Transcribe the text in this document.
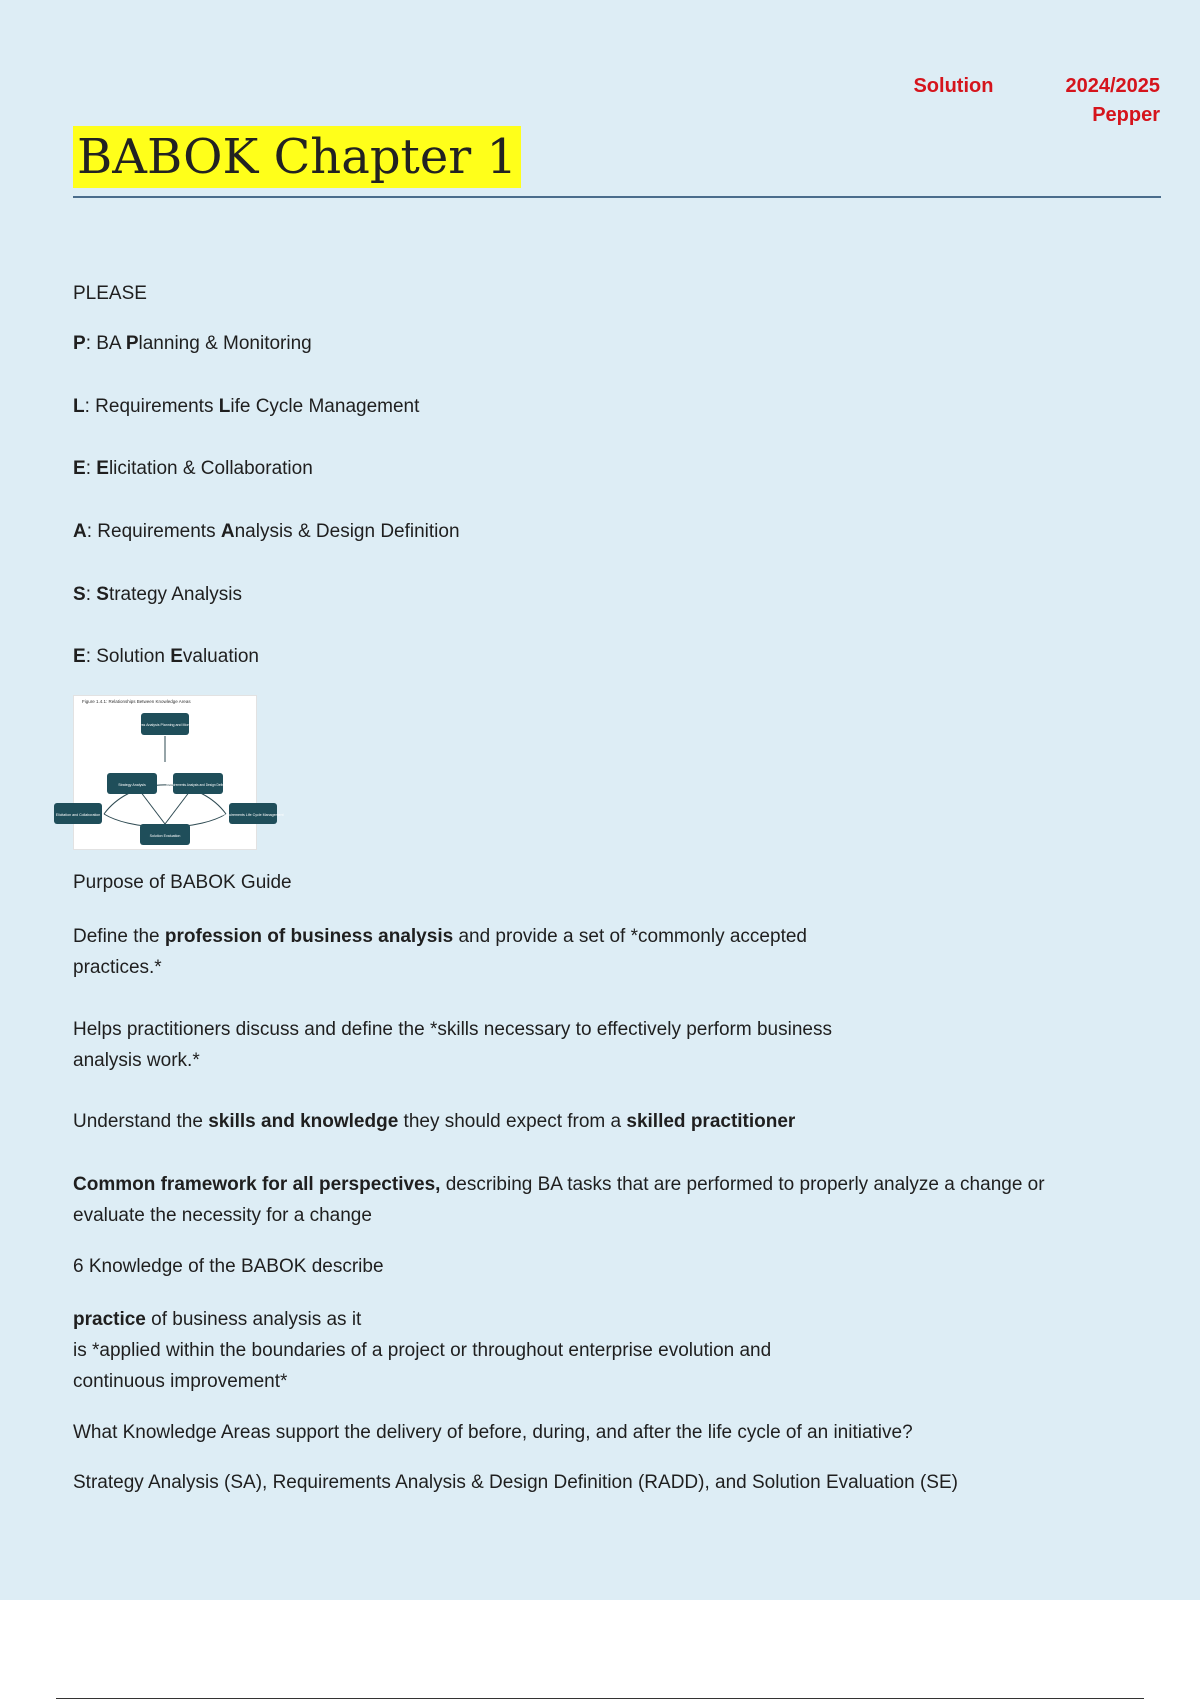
Solution	2024/2025
Pepper
BABOK Chapter 1
PLEASE
P: BA Planning & Monitoring
L: Requirements Life Cycle Management
E: Elicitation & Collaboration
A: Requirements Analysis & Design Definition
S: Strategy Analysis
E: Solution Evaluation
Purpose of BABOK Guide
Define the profession of business analysis and provide a set of *commonly accepted
practices.*
Helps practitioners discuss and define the *skills necessary to effectively perform business
analysis work.*
Understand the skills and knowledge they should expect from a skilled practitioner
Common framework for all perspectives, describing BA tasks that are performed to properly analyze a change or
evaluate the necessity for a change
6 Knowledge of the BABOK describe
practice of business analysis as it
is *applied within the boundaries of a project or throughout enterprise evolution and
continuous improvement*
What Knowledge Areas support the delivery of before, during, and after the life cycle of an initiative?
Strategy Analysis (SA), Requirements Analysis & Design Definition (RADD), and Solution Evaluation (SE)
Figure 1.4.1: Relationships Between Knowledge Areas
Business Analysis Planning and Monitoring
Strategy Analysis	Requirements Analysis and Design Definition
Elicitation and Collaboration	Requirements Life Cycle Management
Solution Evaluation
